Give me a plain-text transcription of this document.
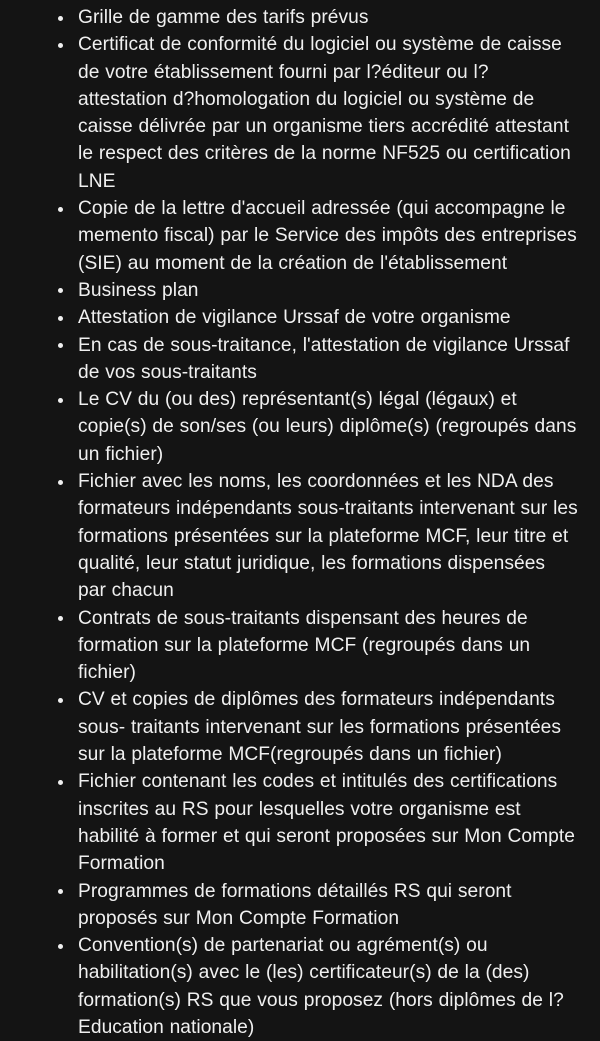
Grille de gamme des tarifs prévus
Certificat de conformité du logiciel ou système de caisse de votre établissement fourni par l?éditeur ou l? attestation d?homologation du logiciel ou système de caisse délivrée par un organisme tiers accrédité attestant le respect des critères de la norme NF525 ou certification LNE
Copie de la lettre d'accueil adressée (qui accompagne le memento fiscal) par le Service des impôts des entreprises (SIE) au moment de la création de l'établissement
Business plan
Attestation de vigilance Urssaf de votre organisme
En cas de sous-traitance, l'attestation de vigilance Urssaf de vos sous-traitants
Le CV du (ou des) représentant(s) légal (légaux) et copie(s) de son/ses (ou leurs) diplôme(s) (regroupés dans un fichier)
Fichier avec les noms, les coordonnées et les NDA des formateurs indépendants sous-traitants intervenant sur les formations présentées sur la plateforme MCF, leur titre et qualité, leur statut juridique, les formations dispensées par chacun
Contrats de sous-traitants dispensant des heures de formation sur la plateforme MCF (regroupés dans un fichier)
CV et copies de diplômes des formateurs indépendants sous- traitants intervenant sur les formations présentées sur la plateforme MCF(regroupés dans un fichier)
Fichier contenant les codes et intitulés des certifications inscrites au RS pour lesquelles votre organisme est habilité à former et qui seront proposées sur Mon Compte Formation
Programmes de formations détaillés RS qui seront proposés sur Mon Compte Formation
Convention(s) de partenariat ou agrément(s) ou habilitation(s) avec le (les) certificateur(s) de la (des) formation(s) RS que vous proposez (hors diplômes de l? Education nationale)
